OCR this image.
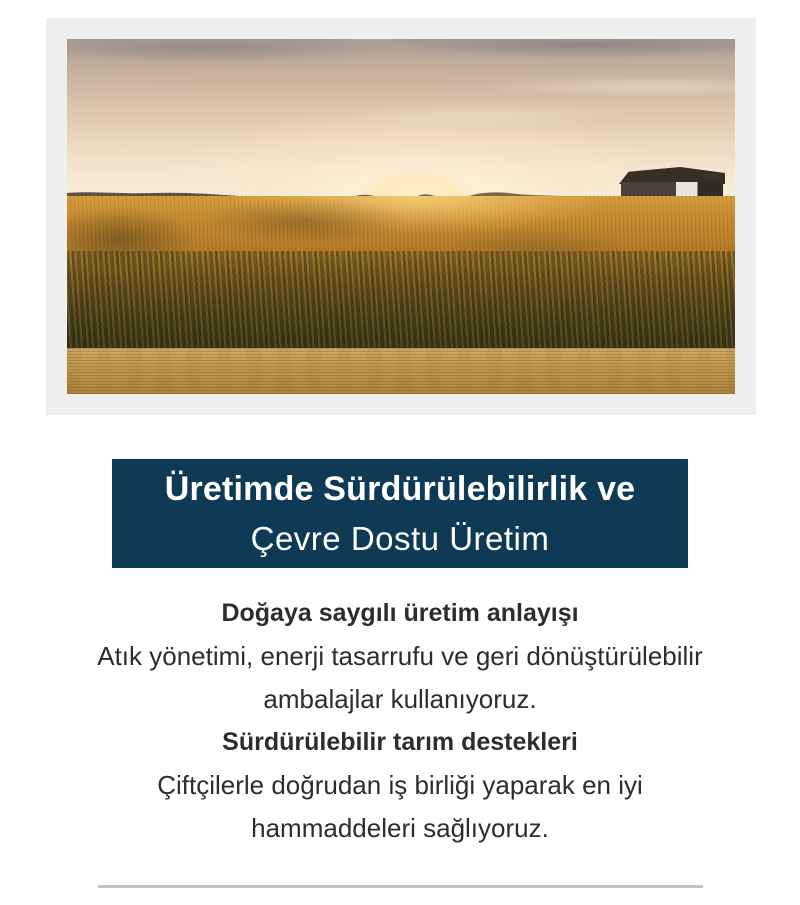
Üretimde Sürdürülebilirlik ve
Çevre Dostu Üretim
Doğaya saygılı üretim anlayışı
Atık yönetimi, enerji tasarrufu ve geri dönüştürülebilir
ambalajlar kullanıyoruz.
Sürdürülebilir tarım destekleri
Çiftçilerle doğrudan iş birliği yaparak en iyi
hammaddeleri sağlıyoruz.
